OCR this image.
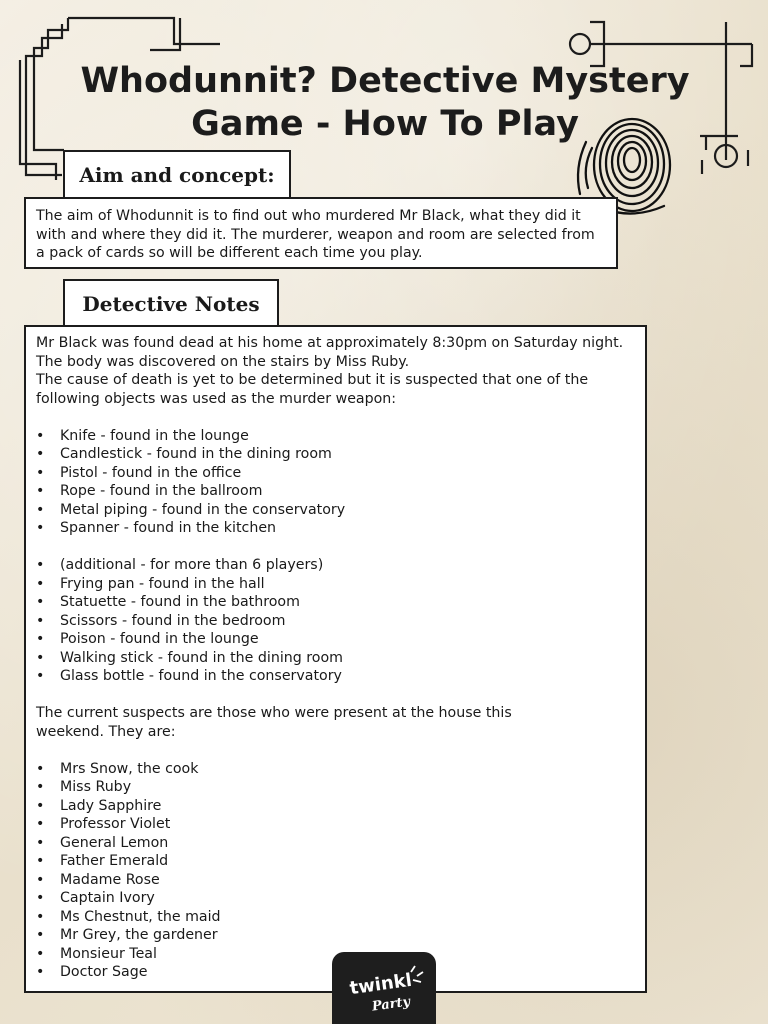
Whodunnit? Detective Mystery
Game - How To Play
Aim and concept:

The aim of Whodunnit is to find out who murdered Mr Black, what they did it with and where they did it. The murderer, weapon and room are selected from a pack of cards so will be different each time you play.

Detective Notes

Mr Black was found dead at his home at approximately 8:30pm on Saturday night. The body was discovered on the stairs by Miss Ruby.

The cause of death is yet to be determined but it is suspected that one of the following objects was used as the murder weapon:

• Knife - found in the lounge
• Candlestick - found in the dining room
• Pistol - found in the office
• Rope - found in the ballroom
• Metal piping - found in the conservatory
• Spanner - found in the kitchen
• (additional - for more than 6 players)
• Frying pan - found in the hall
• Statuette - found in the bathroom
• Scissors - found in the bedroom
• Poison - found in the lounge
• Walking stick - found in the dining room
• Glass bottle - found in the conservatory

The current suspects are those who were present at the house this weekend. They are:

• Mrs Snow, the cook
• Miss Ruby
• Lady Sapphire
• Professor Violet
• General Lemon
• Father Emerald
• Madame Rose
• Captain Ivory
• Ms Chestnut, the maid
• Mr Grey, the gardener
• Monsieur Teal
• Doctor Sage	twinkl
Party
